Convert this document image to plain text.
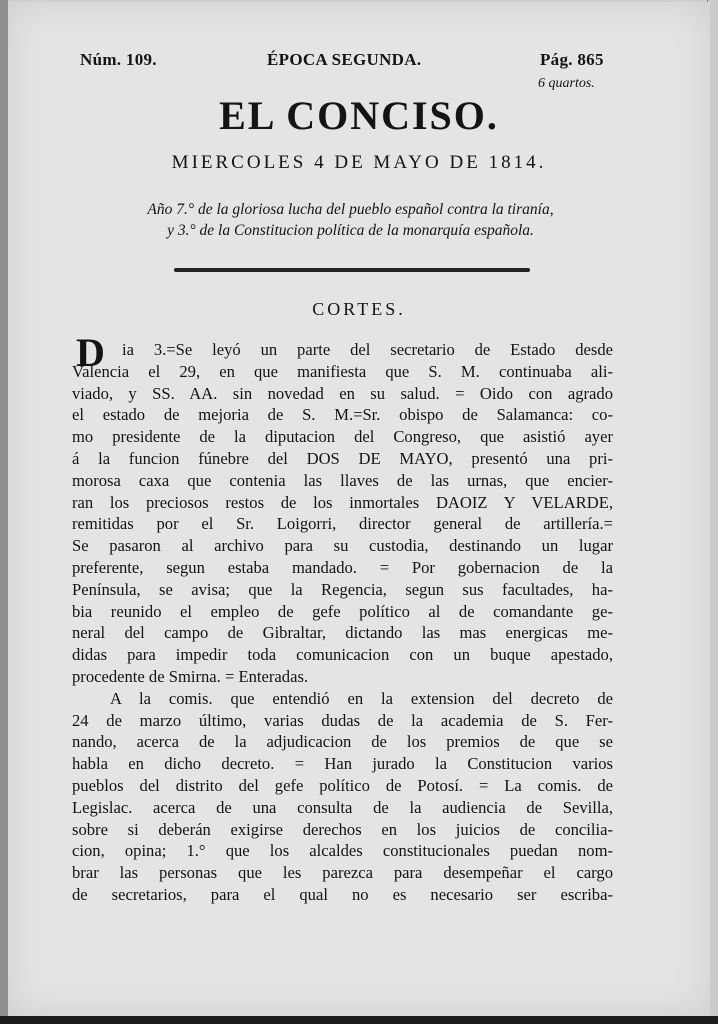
Núm. 109.	ÉPOCA SEGUNDA.	Pág. 865
6 quartos.
EL CONCISO.
MIERCOLES 4 DE MAYO DE 1814.
Año 7.° de la gloriosa lucha del pueblo español contra la tiranía,
y 3.° de la Constitucion política de la monarquía española.
CORTES.
D ia 3.=Se leyó un parte del secretario de Estado desde
Valencia el 29, en que manifiesta que S. M. continuaba ali-
viado, y SS. AA. sin novedad en su salud. = Oido con agrado
el estado de mejoria de S. M.=Sr. obispo de Salamanca: co-
mo presidente de la diputacion del Congreso, que asistió ayer
á la funcion fúnebre del DOS DE MAYO, presentó una pri-
morosa caxa que contenia las llaves de las urnas, que encier-
ran los preciosos restos de los inmortales DAOIZ Y VELARDE,
remitidas por el Sr. Loigorri, director general de artillería.=
Se pasaron al archivo para su custodia, destinando un lugar
preferente, segun estaba mandado. = Por gobernacion de la
Península, se avisa; que la Regencia, segun sus facultades, ha-
bia reunido el empleo de gefe político al de comandante ge-
neral del campo de Gibraltar, dictando las mas energicas me-
didas para impedir toda comunicacion con un buque apestado,
procedente de Smirna. = Enteradas.
A la comis. que entendió en la extension del decreto de
24 de marzo último, varias dudas de la academia de S. Fer-
nando, acerca de la adjudicacion de los premios de que se
habla en dicho decreto. = Han jurado la Constitucion varios
pueblos del distrito del gefe político de Potosí. = La comis. de
Legislac. acerca de una consulta de la audiencia de Sevilla,
sobre si deberán exigirse derechos en los juicios de concilia-
cion, opina; 1.° que los alcaldes constitucionales puedan nom-
brar las personas que les parezca para desempeñar el cargo
de secretarios, para el qual no es necesario ser escriba-
